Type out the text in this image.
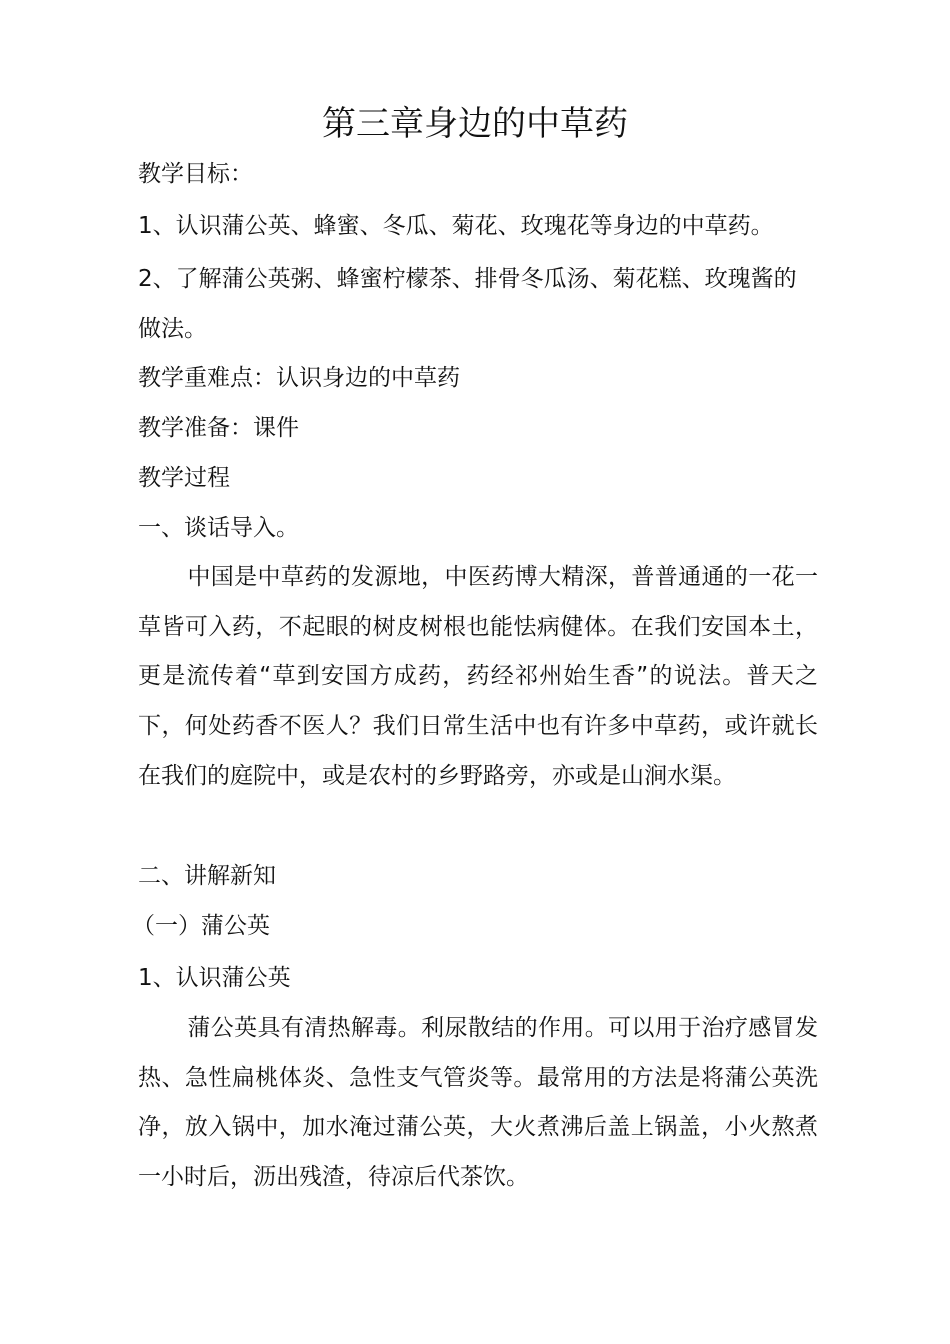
第三章身边的中草药

教学目标：

1、认识蒲公英、蜂蜜、冬瓜、菊花、玫瑰花等身边的中草药。

2、了解蒲公英粥、蜂蜜柠檬茶、排骨冬瓜汤、菊花糕、玫瑰酱的做法。

教学重难点：认识身边的中草药

教学准备：课件

教学过程

一、谈话导入。

中国是中草药的发源地，中医药博大精深，普普通通的一花一草皆可入药，不起眼的树皮树根也能怯病健体。在我们安国本土，更是流传着“草到安国方成药，药经祁州始生香”的说法。普天之下，何处药香不医人？我们日常生活中也有许多中草药，或许就长在我们的庭院中，或是农村的乡野路旁，亦或是山涧水渠。

二、讲解新知

（一）蒲公英

1、认识蒲公英

蒲公英具有清热解毒。利尿散结的作用。可以用于治疗感冒发热、急性扁桃体炎、急性支气管炎等。最常用的方法是将蒲公英洗净，放入锅中，加水淹过蒲公英，大火煮沸后盖上锅盖，小火熬煮一小时后，沥出残渣，待凉后代茶饮。
